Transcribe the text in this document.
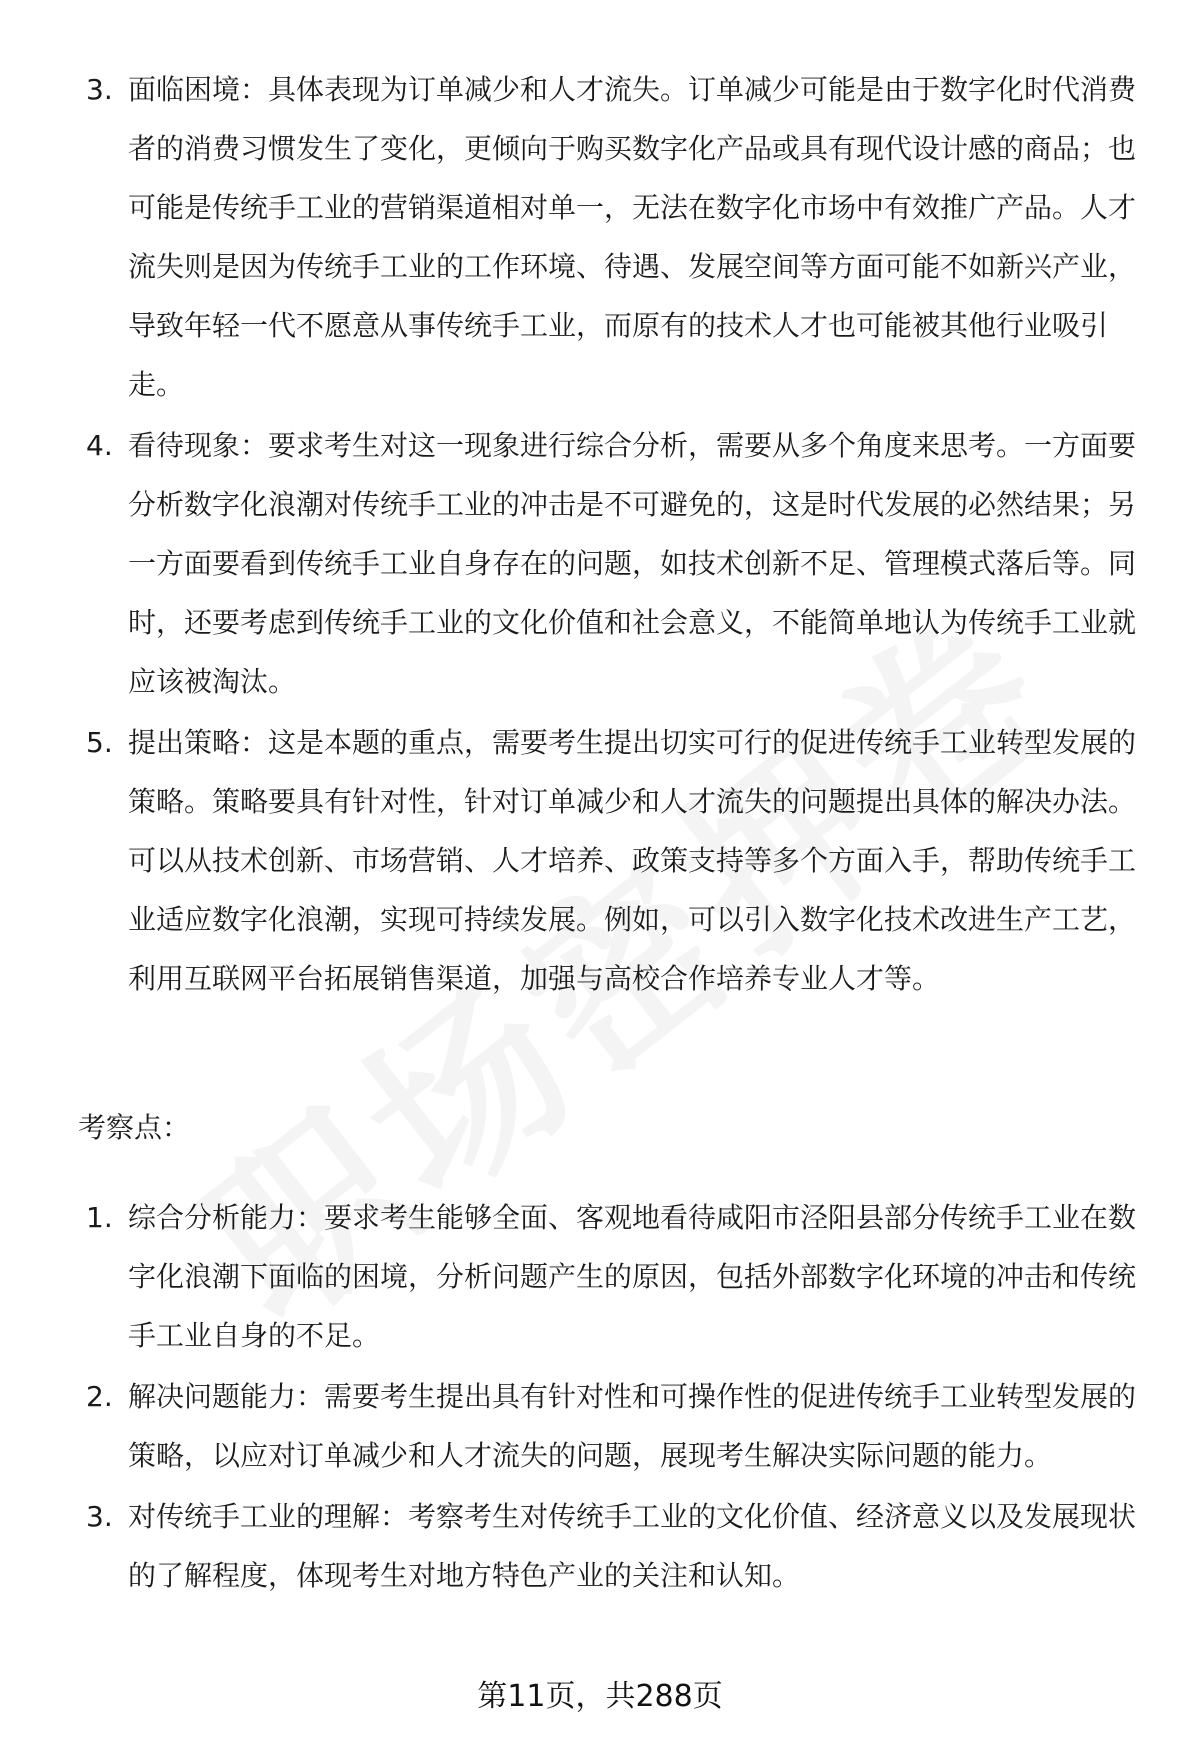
3. 面临困境：具体表现为订单减少和人才流失。订单减少可能是由于数字化时代消费者的消费习惯发生了变化，更倾向于购买数字化产品或具有现代设计感的商品；也可能是传统手工业的营销渠道相对单一，无法在数字化市场中有效推广产品。人才流失则是因为传统手工业的工作环境、待遇、发展空间等方面可能不如新兴产业，导致年轻一代不愿意从事传统手工业，而原有的技术人才也可能被其他行业吸引走。
4. 看待现象：要求考生对这一现象进行综合分析，需要从多个角度来思考。一方面要分析数字化浪潮对传统手工业的冲击是不可避免的，这是时代发展的必然结果；另一方面要看到传统手工业自身存在的问题，如技术创新不足、管理模式落后等。同时，还要考虑到传统手工业的文化价值和社会意义，不能简单地认为传统手工业就应该被淘汰。
5. 提出策略：这是本题的重点，需要考生提出切实可行的促进传统手工业转型发展的策略。策略要具有针对性，针对订单减少和人才流失的问题提出具体的解决办法。可以从技术创新、市场营销、人才培养、政策支持等多个方面入手，帮助传统手工业适应数字化浪潮，实现可持续发展。例如，可以引入数字化技术改进生产工艺，利用互联网平台拓展销售渠道，加强与高校合作培养专业人才等。
考察点：
1. 综合分析能力：要求考生能够全面、客观地看待咸阳市泾阳县部分传统手工业在数字化浪潮下面临的困境，分析问题产生的原因，包括外部数字化环境的冲击和传统手工业自身的不足。
2. 解决问题能力：需要考生提出具有针对性和可操作性的促进传统手工业转型发展的策略，以应对订单减少和人才流失的问题，展现考生解决实际问题的能力。
3. 对传统手工业的理解：考察考生对传统手工业的文化价值、经济意义以及发展现状的了解程度，体现考生对地方特色产业的关注和认知。
第11页，共288页
